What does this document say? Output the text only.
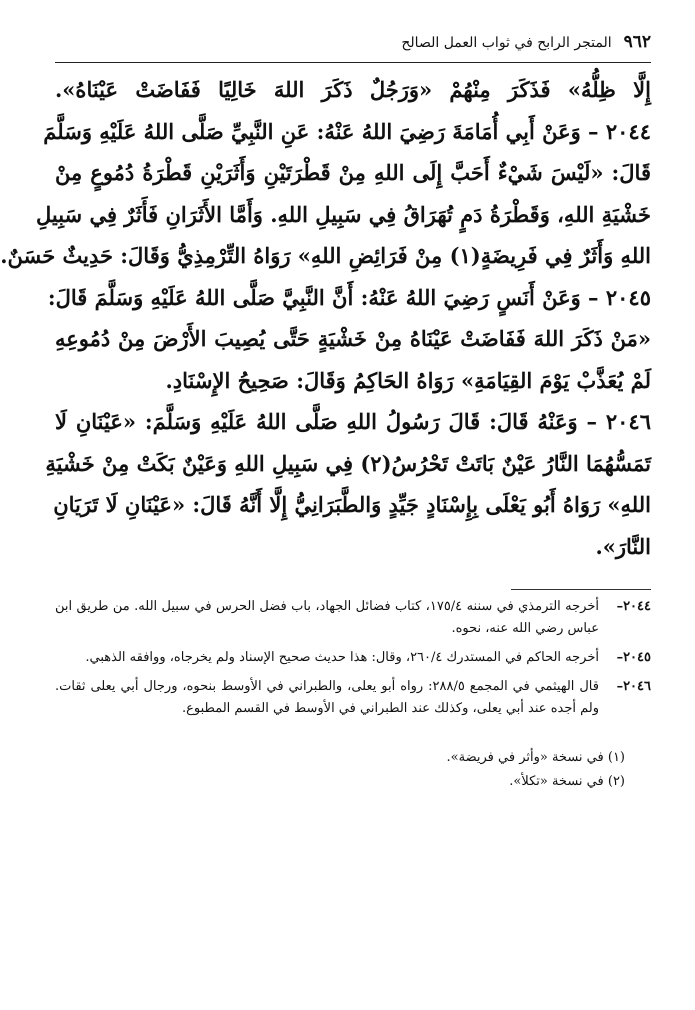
٩٦٢
المتجر الرابح في ثواب العمل الصالح
إِلَّا ظِلُّهُ» فَذَكَرَ مِنْهُمْ «وَرَجُلٌ ذَكَرَ اللهَ خَالِيًا فَفَاضَتْ عَيْنَاهُ».
٢٠٤٤ – وَعَنْ أَبِي أُمَامَةَ رَضِيَ اللهُ عَنْهُ: عَنِ النَّبِيِّ صَلَّى اللهُ عَلَيْهِ وَسَلَّمَ
قَالَ: «لَيْسَ شَيْءٌ أَحَبَّ إِلَى اللهِ مِنْ قَطْرَتَيْنِ وَأَثَرَيْنِ قَطْرَةُ دُمُوعٍ مِنْ
خَشْيَةِ اللهِ، وَقَطْرَةُ دَمٍ تُهَرَاقُ فِي سَبِيلِ اللهِ. وَأَمَّا الأَثَرَانِ فَأَثَرٌ فِي سَبِيلِ
اللهِ وَأَثَرٌ فِي فَرِيضَةٍ(١) مِنْ فَرَائِضِ اللهِ» رَوَاهُ التِّرْمِذِيُّ وَقَالَ: حَدِيثٌ حَسَنٌ.
٢٠٤٥ – وَعَنْ أَنَسٍ رَضِيَ اللهُ عَنْهُ: أَنَّ النَّبِيَّ صَلَّى اللهُ عَلَيْهِ وَسَلَّمَ قَالَ:
«مَنْ ذَكَرَ اللهَ فَفَاضَتْ عَيْنَاهُ مِنْ خَشْيَةٍ حَتَّى يُصِيبَ الأَرْضَ مِنْ دُمُوعِهِ
لَمْ يُعَذَّبْ يَوْمَ القِيَامَةِ» رَوَاهُ الحَاكِمُ وَقَالَ: صَحِيحُ الإِسْنَادِ.
٢٠٤٦ – وَعَنْهُ قَالَ: قَالَ رَسُولُ اللهِ صَلَّى اللهُ عَلَيْهِ وَسَلَّمَ: «عَيْنَانِ لَا
تَمَسُّهُمَا النَّارُ عَيْنٌ بَاتَتْ تَحْرُسُ(٢) فِي سَبِيلِ اللهِ وَعَيْنٌ بَكَتْ مِنْ خَشْيَةِ
اللهِ» رَوَاهُ أَبُو يَعْلَى بِإِسْنَادٍ جَيِّدٍ وَالطَّبَرَانِيُّ إِلَّا أَنَّهُ قَالَ: «عَيْنَانِ لَا تَرَيَانِ
النَّارَ».
٢٠٤٤–
أخرجه الترمذي في سننه ١٧٥/٤، كتاب فضائل الجهاد، باب فضل الحرس في سبيل الله. من طريق ابن عباس رضي الله عنه، نحوه.
٢٠٤٥–
أخرجه الحاكم في المستدرك ٢٦٠/٤، وقال: هذا حديث صحيح الإسناد ولم يخرجاه، ووافقه الذهبي.
٢٠٤٦–
قال الهيثمي في المجمع ٢٨٨/٥: رواه أبو يعلى، والطبراني في الأوسط بنحوه، ورجال أبي يعلى ثقات. ولم أجده عند أبي يعلى، وكذلك عند الطبراني في الأوسط في القسم المطبوع.
(١) في نسخة «وأثر في فريضة».
(٢) في نسخة «تكلأ».
